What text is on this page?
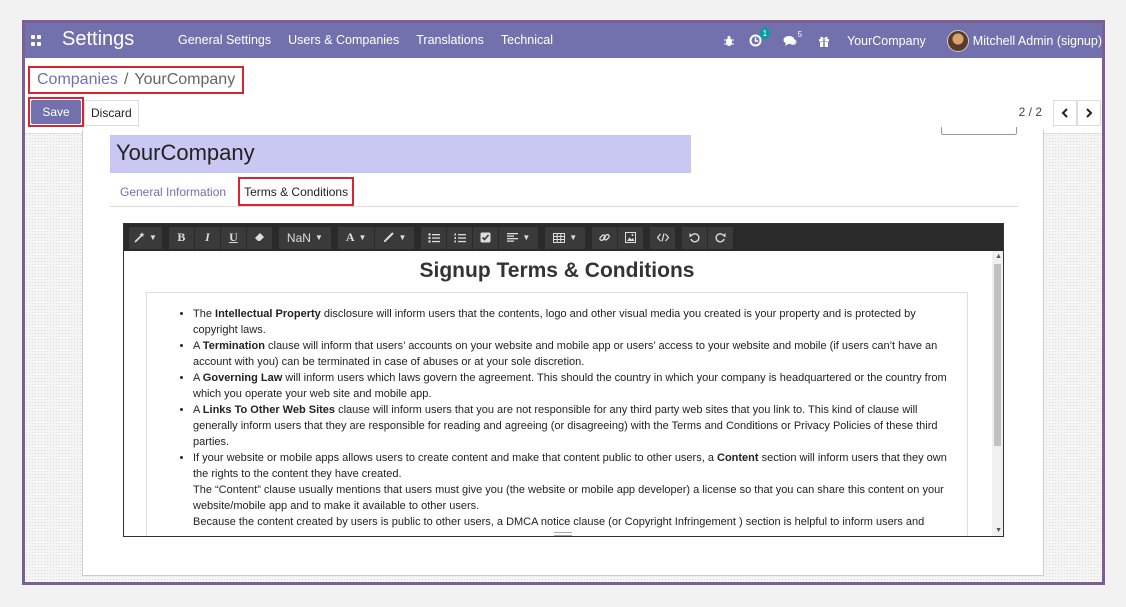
Settings	General Settings Users & Companies Translations Technical	1	5	YourCompany	Mitchell Admin (signup)
Companies / YourCompany
Save	Discard	2 / 2
YourCompany
General Information	Terms & Conditions
▼	B	I	U	NaN ▼	A ▼	▼	▼	▼
Signup Terms & Conditions
• The Intellectual Property disclosure will inform users that the contents, logo and other visual media you created is your property and is protected by copyright laws.
• A Termination clause will inform that users’ accounts on your website and mobile app or users’ access to your website and mobile (if users can’t have an account with you) can be terminated in case of abuses or at your sole discretion.
• A Governing Law will inform users which laws govern the agreement. This should the country in which your company is headquartered or the country from which you operate your web site and mobile app.
• A Links To Other Web Sites clause will inform users that you are not responsible for any third party web sites that you link to. This kind of clause will generally inform users that they are responsible for reading and agreeing (or disagreeing) with the Terms and Conditions or Privacy Policies of these third parties.
• If your website or mobile apps allows users to create content and make that content public to other users, a Content section will inform users that they own the rights to the content they have created.
The “Content” clause usually mentions that users must give you (the website or mobile app developer) a license so that you can share this content on your website/mobile app and to make it available to other users.
Because the content created by users is public to other users, a DMCA notice clause (or Copyright Infringement ) section is helpful to inform users and
▲
▼
